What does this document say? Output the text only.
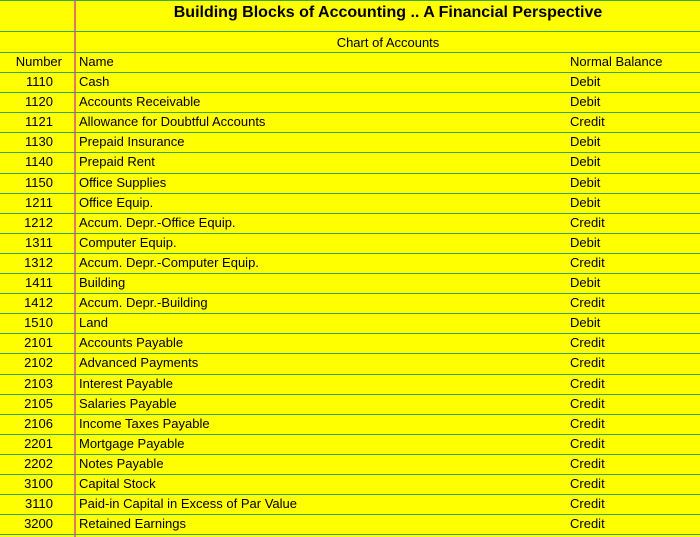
Building Blocks of Accounting .. A Financial Perspective
Chart of Accounts
Number Name	Normal Balance
1110 Cash	Debit
1120 Accounts Receivable	Debit
1121 Allowance for Doubtful Accounts	Credit
1130 Prepaid Insurance	Debit
1140 Prepaid Rent	Debit
1150 Office Supplies	Debit
1211 Office Equip.	Debit
1212 Accum. Depr.-Office Equip.	Credit
1311 Computer Equip.	Debit
1312 Accum. Depr.-Computer Equip.	Credit
1411 Building	Debit
1412 Accum. Depr.-Building	Credit
1510 Land	Debit
2101 Accounts Payable	Credit
2102 Advanced Payments	Credit
2103 Interest Payable	Credit
2105 Salaries Payable	Credit
2106 Income Taxes Payable	Credit
2201 Mortgage Payable	Credit
2202 Notes Payable	Credit
3100 Capital Stock	Credit
3110 Paid-in Capital in Excess of Par Value	Credit
3200 Retained Earnings	Credit
